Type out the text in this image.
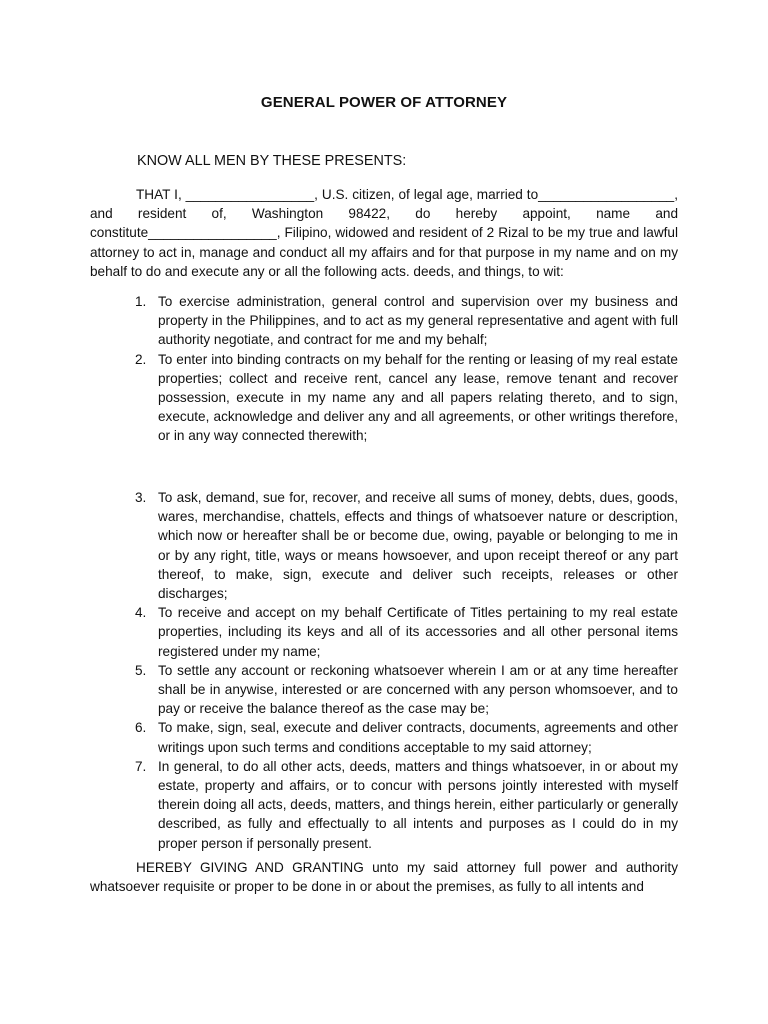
GENERAL POWER OF ATTORNEY
KNOW ALL MEN BY THESE PRESENTS:
THAT I, _________________, U.S. citizen, of legal age, married to__________________, and resident of, Washington 98422, do hereby appoint, name and constitute_________________, Filipino, widowed and resident of 2 Rizal to be my true and lawful attorney to act in, manage and conduct all my affairs and for that purpose in my name and on my behalf to do and execute any or all the following acts. deeds, and things, to wit:
1. To exercise administration, general control and supervision over my business and property in the Philippines, and to act as my general representative and agent with full authority negotiate, and contract for me and my behalf;
2. To enter into binding contracts on my behalf for the renting or leasing of my real estate properties; collect and receive rent, cancel any lease, remove tenant and recover possession, execute in my name any and all papers relating thereto, and to sign, execute, acknowledge and deliver any and all agreements, or other writings therefore, or in any way connected therewith;
3. To ask, demand, sue for, recover, and receive all sums of money, debts, dues, goods, wares, merchandise, chattels, effects and things of whatsoever nature or description, which now or hereafter shall be or become due, owing, payable or belonging to me in or by any right, title, ways or means howsoever, and upon receipt thereof or any part thereof, to make, sign, execute and deliver such receipts, releases or other discharges;
4. To receive and accept on my behalf Certificate of Titles pertaining to my real estate properties, including its keys and all of its accessories and all other personal items registered under my name;
5. To settle any account or reckoning whatsoever wherein I am or at any time hereafter shall be in anywise, interested or are concerned with any person whomsoever, and to pay or receive the balance thereof as the case may be;
6. To make, sign, seal, execute and deliver contracts, documents, agreements and other writings upon such terms and conditions acceptable to my said attorney;
7. In general, to do all other acts, deeds, matters and things whatsoever, in or about my estate, property and affairs, or to concur with persons jointly interested with myself therein doing all acts, deeds, matters, and things herein, either particularly or generally described, as fully and effectually to all intents and purposes as I could do in my proper person if personally present.
HEREBY GIVING AND GRANTING unto my said attorney full power and authority whatsoever requisite or proper to be done in or about the premises, as fully to all intents and
